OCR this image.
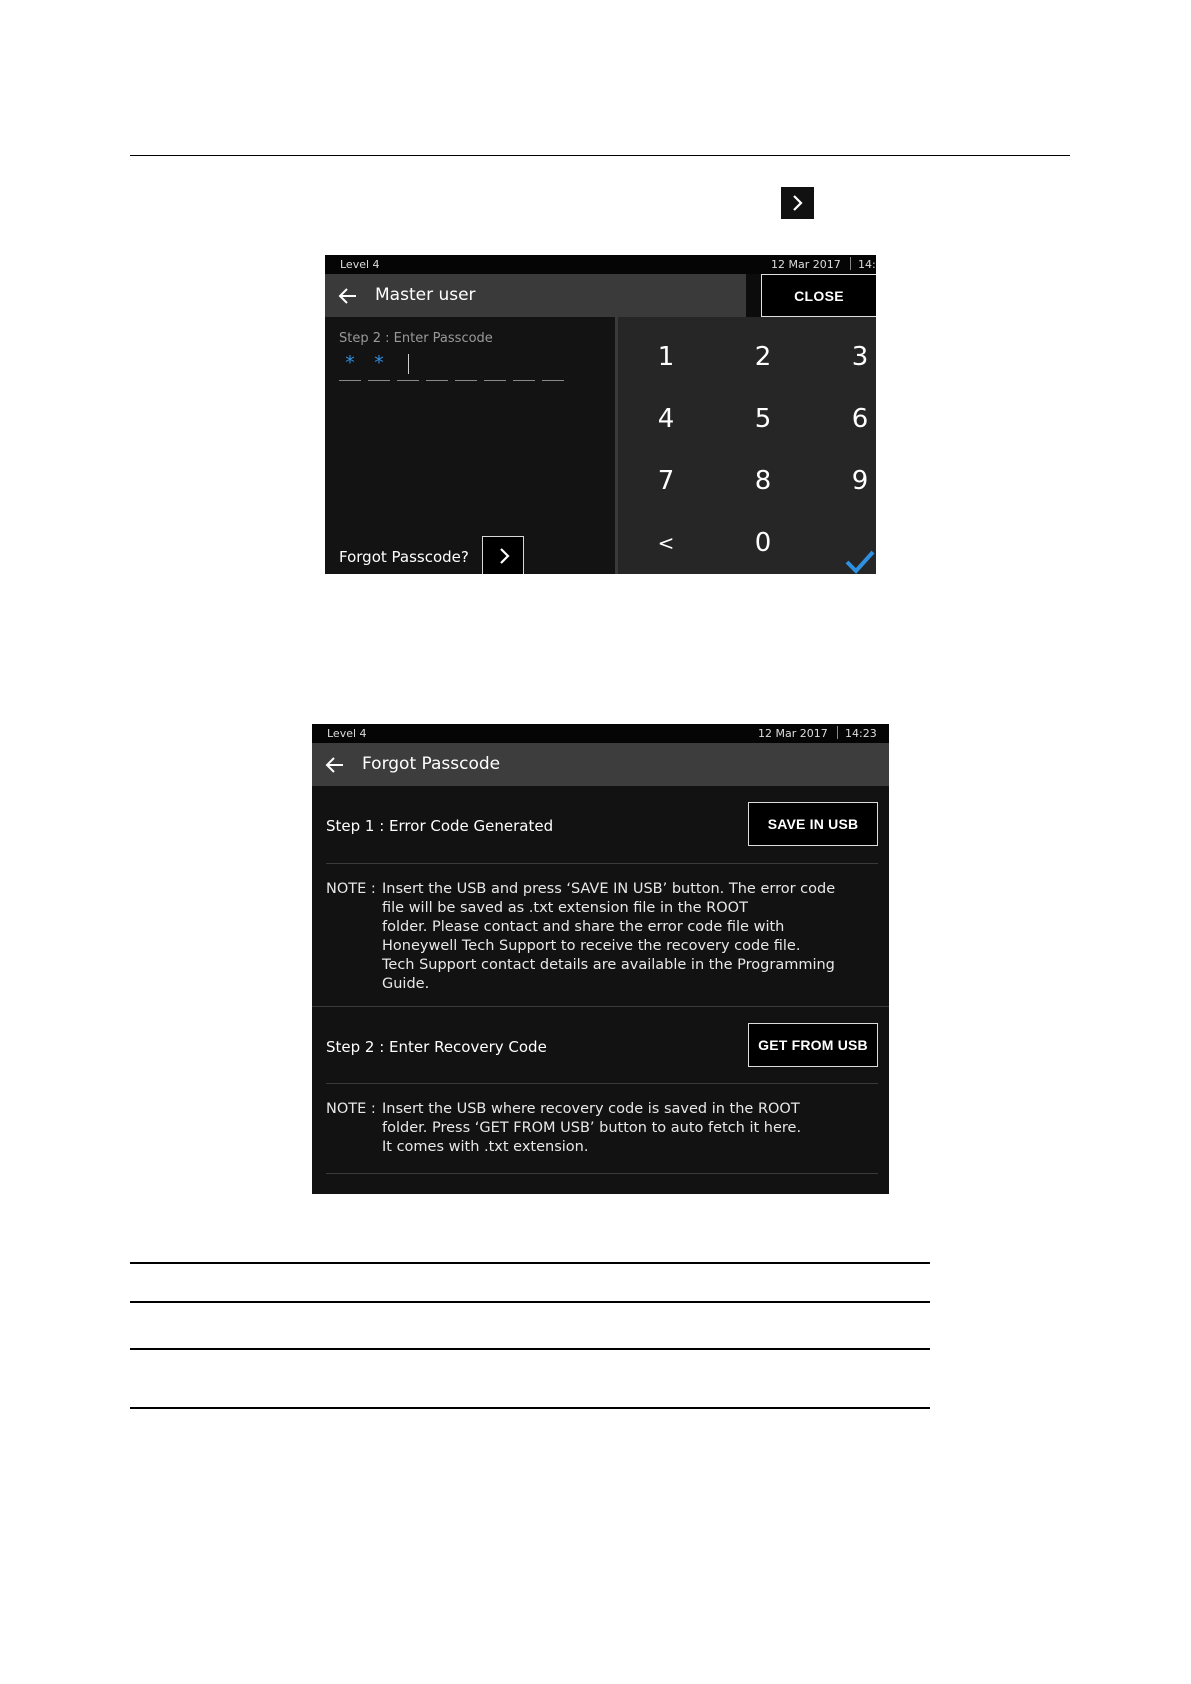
Level 4	12 Mar 2017 14:
Master user	CLOSE
Step 2 : Enter Passcode
*	*
Forgot Passcode?
1	2	3
4	5	6
7	8	9
<	0
Level 4	12 Mar 2017 14:23
Forgot Passcode
Step 1 : Error Code Generated	SAVE IN USB
NOTE : Insert the USB and press ‘SAVE IN USB’ button. The error code
file will be saved as .txt extension file in the ROOT
folder. Please contact and share the error code file with
Honeywell Tech Support to receive the recovery code file.
Tech Support contact details are available in the Programming
Guide.
Step 2 : Enter Recovery Code	GET FROM USB
NOTE : Insert the USB where recovery code is saved in the ROOT
folder. Press ‘GET FROM USB’ button to auto fetch it here.
It comes with .txt extension.
